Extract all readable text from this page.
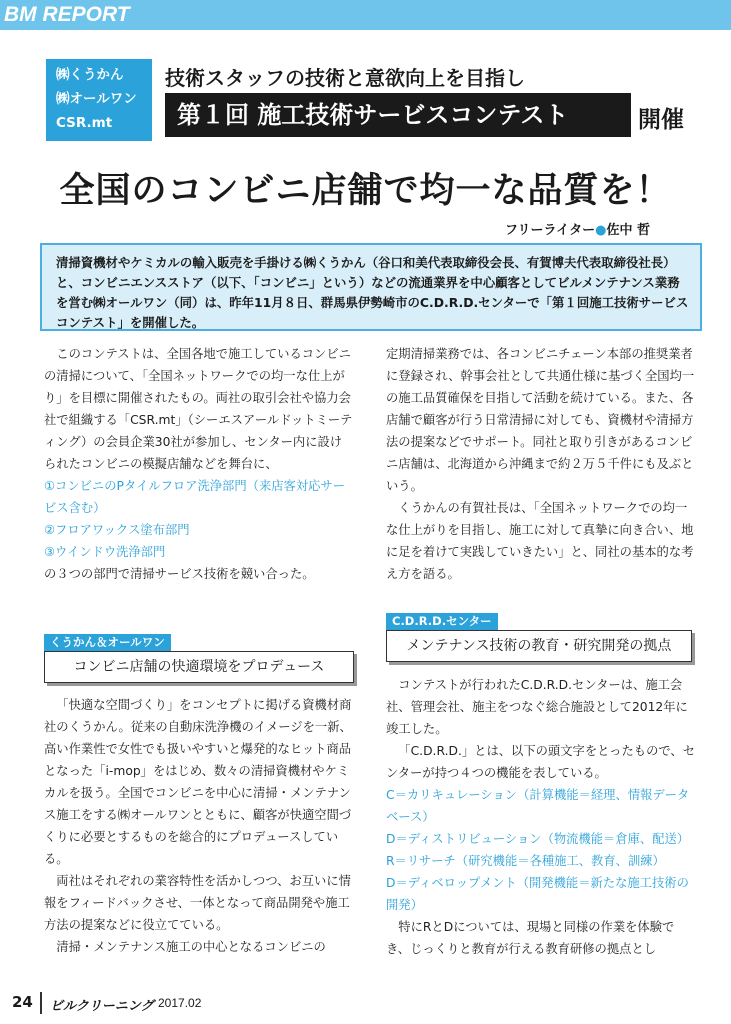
BM REPORT
㈱くうかん
㈱オールワン
CSR.mt
技術スタッフの技術と意欲向上を目指し
第１回 施工技術サービスコンテスト	開催
全国のコンビニ店舗で均一な品質を！
フリーライター●佐中 哲
清掃資機材やケミカルの輸入販売を手掛ける㈱くうかん（谷口和美代表取締役会長、有賀博夫代表取締役社長）と、コンビニエンスストア（以下、「コンビニ」という）などの流通業界を中心顧客としてビルメンテナンス業務を営む㈱オールワン（同）は、昨年11月８日、群馬県伊勢崎市のC.D.R.D.センターで「第１回施工技術サービスコンテスト」を開催した。

このコンテストは、全国各地で施工しているコンビニの清掃について、「全国ネットワークでの均一な仕上がり」を目標に開催されたもの。両社の取引会社や協力会社で組織する「CSR.mt」（シーエスアールドットミーティング）の会員企業30社が参加し、センター内に設けられたコンビニの模擬店舗などを舞台に、

①コンビニのPタイルフロア洗浄部門（来店客対応サービス含む）

②フロアワックス塗布部門

③ウインドウ洗浄部門

の３つの部門で清掃サービス技術を競い合った。

くうかん＆オールワン
コンビニ店舗の快適環境をプロデュース

「快適な空間づくり」をコンセプトに掲げる資機材商社のくうかん。従来の自動床洗浄機のイメージを一新、高い作業性で女性でも扱いやすいと爆発的なヒット商品となった「i-mop」をはじめ、数々の清掃資機材やケミカルを扱う。全国でコンビニを中心に清掃・メンテナンス施工をする㈱オールワンとともに、顧客が快適空間づくりに必要とするものを総合的にプロデュースしている。

両社はそれぞれの業容特性を活かしつつ、お互いに情報をフィードバックさせ、一体となって商品開発や施工方法の提案などに役立てている。

清掃・メンテナンス施工の中心となるコンビニの

定期清掃業務では、各コンビニチェーン本部の推奨業者に登録され、幹事会社として共通仕様に基づく全国均一の施工品質確保を目指して活動を続けている。また、各店舗で顧客が行う日常清掃に対しても、資機材や清掃方法の提案などでサポート。同社と取り引きがあるコンビニ店舗は、北海道から沖縄まで約２万５千件にも及ぶという。

くうかんの有賀社長は、「全国ネットワークでの均一な仕上がりを目指し、施工に対して真摯に向き合い、地に足を着けて実践していきたい」と、同社の基本的な考え方を語る。

C.D.R.D.センター
メンテナンス技術の教育・研究開発の拠点

コンテストが行われたC.D.R.D.センターは、施工会社、管理会社、施主をつなぐ総合施設として2012年に竣工した。

「C.D.R.D.」とは、以下の頭文字をとったもので、センターが持つ４つの機能を表している。

C＝カリキュレーション（計算機能＝経理、情報データベース）

D＝ディストリビューション（物流機能＝倉庫、配送）

R＝リサーチ（研究機能＝各種施工、教育、訓練）

D＝ディベロップメント（開発機能＝新たな施工技術の開発）

特にRとDについては、現場と同様の作業を体験でき、じっくりと教育が行える教育研修の拠点とし

24 ビルクリーニング 2017.02
